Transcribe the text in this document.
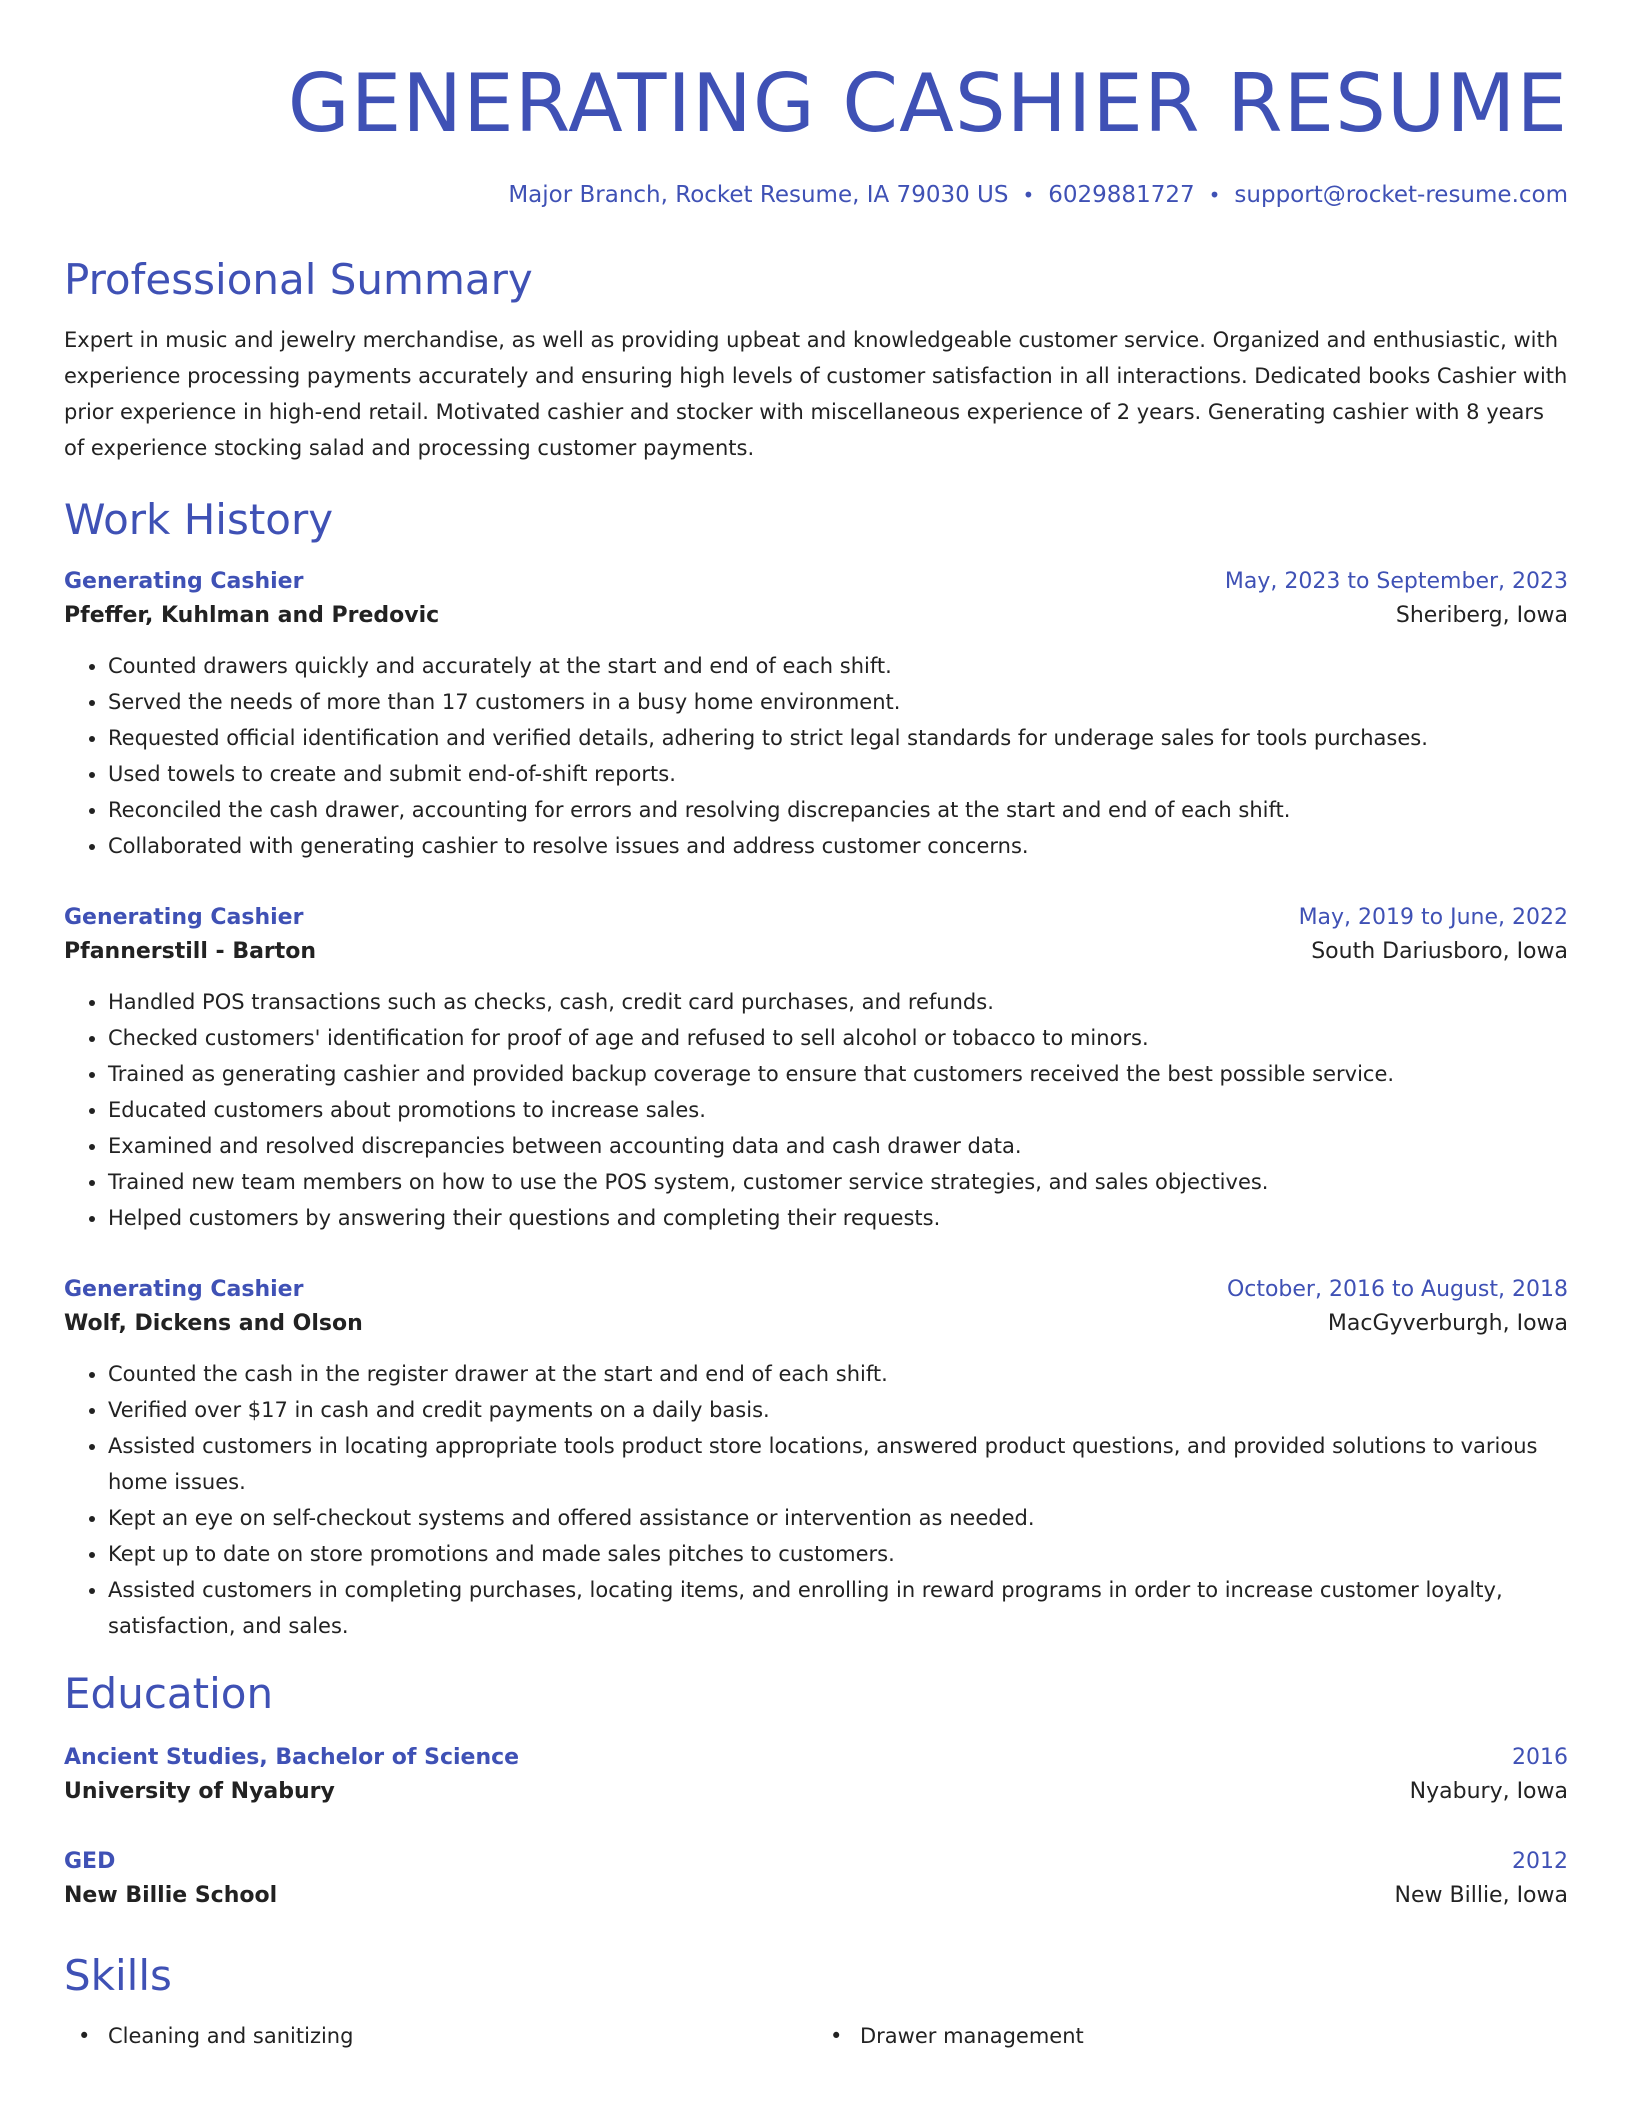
GENERATING CASHIER RESUME
Major Branch, Rocket Resume, IA 79030 US • 6029881727 • support@rocket-resume.com
Professional Summary

Expert in music and jewelry merchandise, as well as providing upbeat and knowledgeable customer service. Organized and enthusiastic, with experience processing payments accurately and ensuring high levels of customer satisfaction in all interactions. Dedicated books Cashier with prior experience in high-end retail. Motivated cashier and stocker with miscellaneous experience of 2 years. Generating cashier with 8 years of experience stocking salad and processing customer payments.

Work History
Generating Cashier	May, 2023 to September, 2023
Pfeffer, Kuhlman and Predovic	Sheriberg, Iowa
• Counted drawers quickly and accurately at the start and end of each shift.
• Served the needs of more than 17 customers in a busy home environment.
• Requested official identification and verified details, adhering to strict legal standards for underage sales for tools purchases.
• Used towels to create and submit end-of-shift reports.
• Reconciled the cash drawer, accounting for errors and resolving discrepancies at the start and end of each shift.
• Collaborated with generating cashier to resolve issues and address customer concerns.
Generating Cashier	May, 2019 to June, 2022
Pfannerstill - Barton	South Dariusboro, Iowa
• Handled POS transactions such as checks, cash, credit card purchases, and refunds.
• Checked customers' identification for proof of age and refused to sell alcohol or tobacco to minors.
• Trained as generating cashier and provided backup coverage to ensure that customers received the best possible service.
• Educated customers about promotions to increase sales.
• Examined and resolved discrepancies between accounting data and cash drawer data.
• Trained new team members on how to use the POS system, customer service strategies, and sales objectives.
• Helped customers by answering their questions and completing their requests.
Generating Cashier	October, 2016 to August, 2018
Wolf, Dickens and Olson	MacGyverburgh, Iowa
• Counted the cash in the register drawer at the start and end of each shift.
• Verified over $17 in cash and credit payments on a daily basis.
• Assisted customers in locating appropriate tools product store locations, answered product questions, and provided solutions to various home issues.
• Kept an eye on self-checkout systems and offered assistance or intervention as needed.
• Kept up to date on store promotions and made sales pitches to customers.
• Assisted customers in completing purchases, locating items, and enrolling in reward programs in order to increase customer loyalty, satisfaction, and sales.
Education
Ancient Studies, Bachelor of Science	2016
University of Nyabury	Nyabury, Iowa
GED	2012
New Billie School	New Billie, Iowa
Skills
• Cleaning and sanitizing
•	Drawer management
